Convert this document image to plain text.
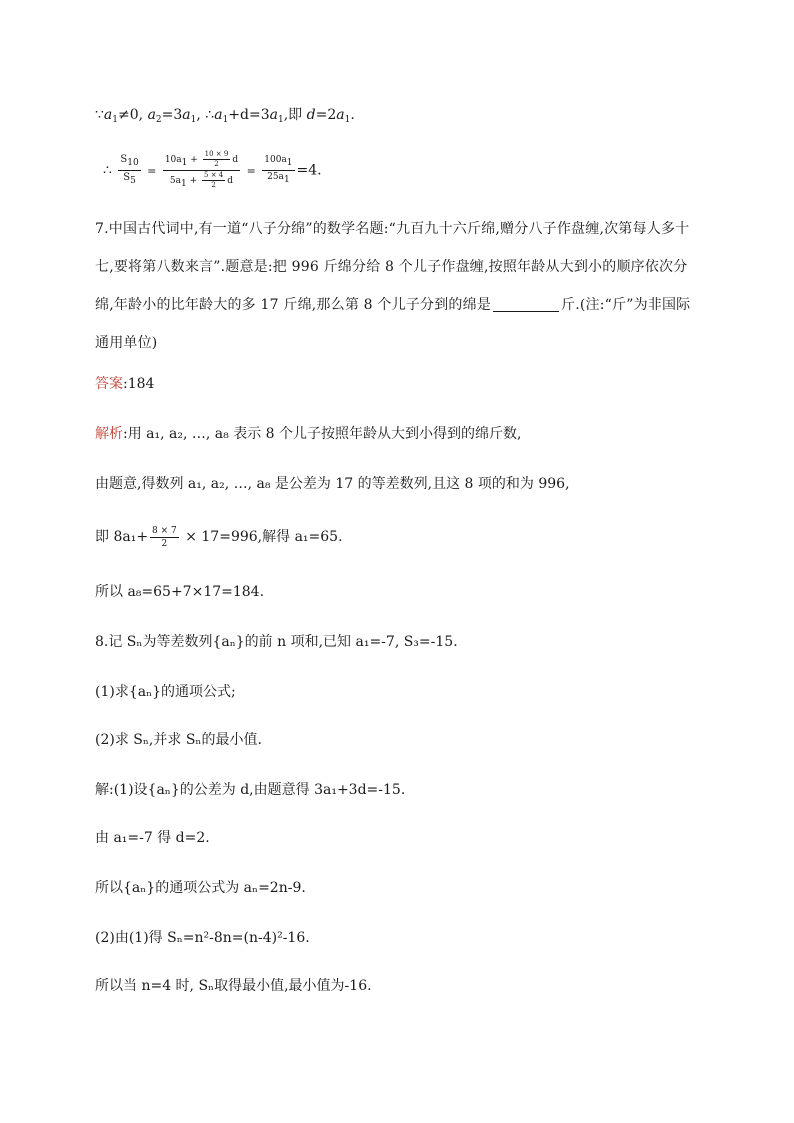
$\because a_1\ne 0$, $a_2=3a_1$, $\therefore a_1+d=3a_1$,即 $d=2a_1$.
∴ $\frac{S10}{S5} = \frac{10a1 + \frac{10 \times 9}{2} d}{5a1 + \frac{5 \times 4}{2} d} = \frac{100a1}{25a1} =4$.
7.中国古代词中,有一道“八子分绵”的数学名题:“九百九十六斤绵,赠分八子作盘缠,次第每人多十七,要将第八数来言”.题意是:把 996 斤绵分给 8 个儿子作盘缠,按照年龄从大到小的顺序依次分绵,年龄小的比年龄大的多 17 斤绵,那么第 8 个儿子分到的绵是	斤.(注:“斤”为非国际通用单位)
答案:184
解析:用 a₁, a₂, …, a₈ 表示 8 个儿子按照年龄从大到小得到的绵斤数,
由题意,得数列 a₁, a₂, …, a₈ 是公差为 17 的等差数列,且这 8 项的和为 996,
即 $8a_1+ \frac{8 \times 7}{2} \times 17=996$,解得 a₁=65.
所以 a₈=65+7×17=184.
8.记 Sₙ为等差数列{aₙ}的前 n 项和,已知 a₁=-7, S₃=-15.
(1)求{aₙ}的通项公式;
(2)求 Sₙ,并求 Sₙ的最小值.
解:(1)设{aₙ}的公差为 d,由题意得 3a₁+3d=-15.
由 a₁=-7 得 d=2.
所以{aₙ}的通项公式为 aₙ=2n-9.
(2)由(1)得 Sₙ=n²-8n=(n-4)²-16.
所以当 n=4 时, Sₙ取得最小值,最小值为-16.
